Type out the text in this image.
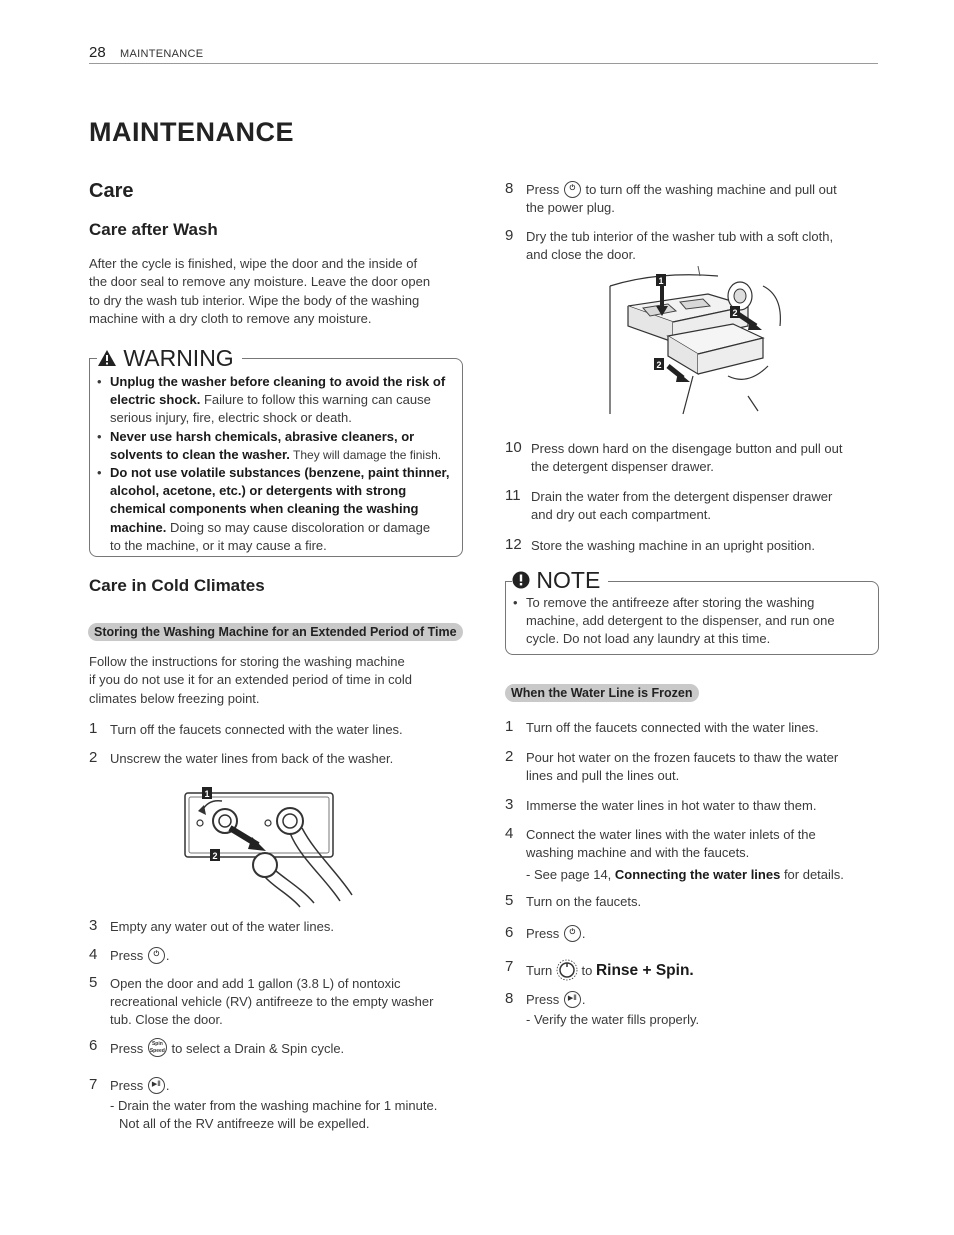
28 MAINTENANCE
MAINTENANCE
Care
Care after Wash
After the cycle is finished, wipe the door and the inside of
the door seal to remove any moisture. Leave the door open
to dry the wash tub interior. Wipe the body of the washing
machine with a dry cloth to remove any moisture.
WARNING
• Unplug the washer before cleaning to avoid the risk of
electric shock. Failure to follow this warning can cause
serious injury, fire, electric shock or death.
• Never use harsh chemicals, abrasive cleaners, or
solvents to clean the washer. They will damage the finish.
• Do not use volatile substances (benzene, paint thinner,
alcohol, acetone, etc.) or detergents with strong
chemical components when cleaning the washing
machine. Doing so may cause discoloration or damage
to the machine, or it may cause a fire.
Care in Cold Climates
Storing the Washing Machine for an Extended Period of Time
Follow the instructions for storing the washing machine
if you do not use it for an extended period of time in cold
climates below freezing point.
1 Turn off the faucets connected with the water lines.
2 Unscrew the water lines from back of the washer.
1
2
3 Empty any water out of the water lines.
4 Press ⏻ .
5 Open the door and add 1 gallon (3.8 L) of nontoxic
recreational vehicle (RV) antifreeze to the empty washer
tub. Close the door.
6 Press Spin Speed to select a Drain & Spin cycle.
7 Press ▶‖ .
- Drain the water from the washing machine for 1 minute.
Not all of the RV antifreeze will be expelled.
8 Press ⏻ to turn off the washing machine and pull out
the power plug.
9 Dry the tub interior of the washer tub with a soft cloth,
and close the door.
1
2
2
10 Press down hard on the disengage button and pull out
the detergent dispenser drawer.
11 Drain the water from the detergent dispenser drawer
and dry out each compartment.
12 Store the washing machine in an upright position.
NOTE
• To remove the antifreeze after storing the washing
machine, add detergent to the dispenser, and run one
cycle. Do not load any laundry at this time.
When the Water Line is Frozen
1 Turn off the faucets connected with the water lines.
2 Pour hot water on the frozen faucets to thaw the water
lines and pull the lines out.
3 Immerse the water lines in hot water to thaw them.
4 Connect the water lines with the water inlets of the
washing machine and with the faucets.
- See page 14, Connecting the water lines for details.
5 Turn on the faucets.
6 Press ⏻ .
7 Turn to Rinse + Spin.
8 Press ▶‖ .
- Verify the water fills properly.
